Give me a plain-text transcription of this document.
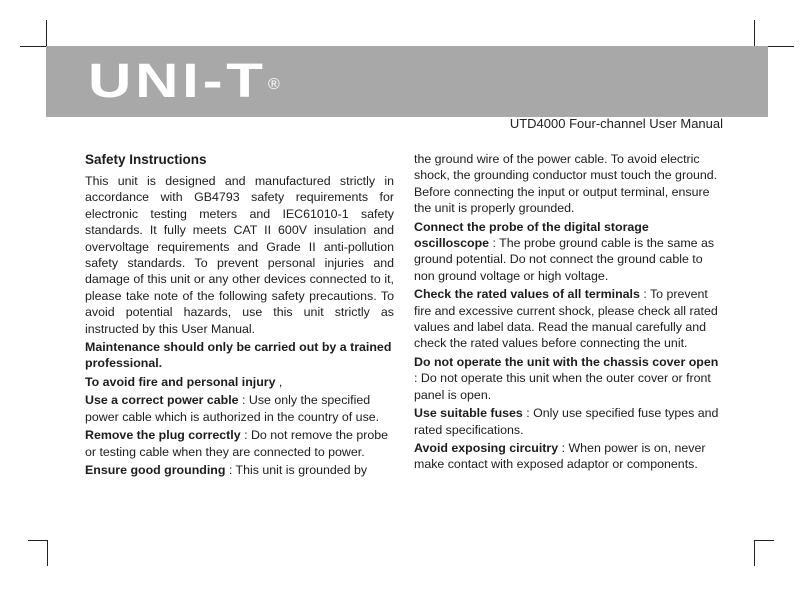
UNI-T ®
UTD4000 Four-channel User Manual
Safety Instructions

This unit is designed and manufactured strictly in accordance with GB4793 safety requirements for electronic testing meters and IEC61010-1 safety standards. It fully meets CAT II 600V insulation and overvoltage requirements and Grade II anti-pollution safety standards. To prevent personal injuries and damage of this unit or any other devices connected to it, please take note of the following safety precautions. To avoid potential hazards, use this unit strictly as instructed by this User Manual.

Maintenance should only be carried out by a trained professional.

To avoid fire and personal injury ,

Use a correct power cable : Use only the specified power cable which is authorized in the country of use.

Remove the plug correctly : Do not remove the probe or testing cable when they are connected to power.

Ensure good grounding : This unit is grounded by

the ground wire of the power cable. To avoid electric shock, the grounding conductor must touch the ground. Before connecting the input or output terminal, ensure the unit is properly grounded.

Connect the probe of the digital storage oscilloscope : The probe ground cable is the same as ground potential. Do not connect the ground cable to non ground voltage or high voltage.

Check the rated values of all terminals : To prevent fire and excessive current shock, please check all rated values and label data. Read the manual carefully and check the rated values before connecting the unit.

Do not operate the unit with the chassis cover open : Do not operate this unit when the outer cover or front panel is open.

Use suitable fuses : Only use specified fuse types and rated specifications.

Avoid exposing circuitry : When power is on, never make contact with exposed adaptor or components.
